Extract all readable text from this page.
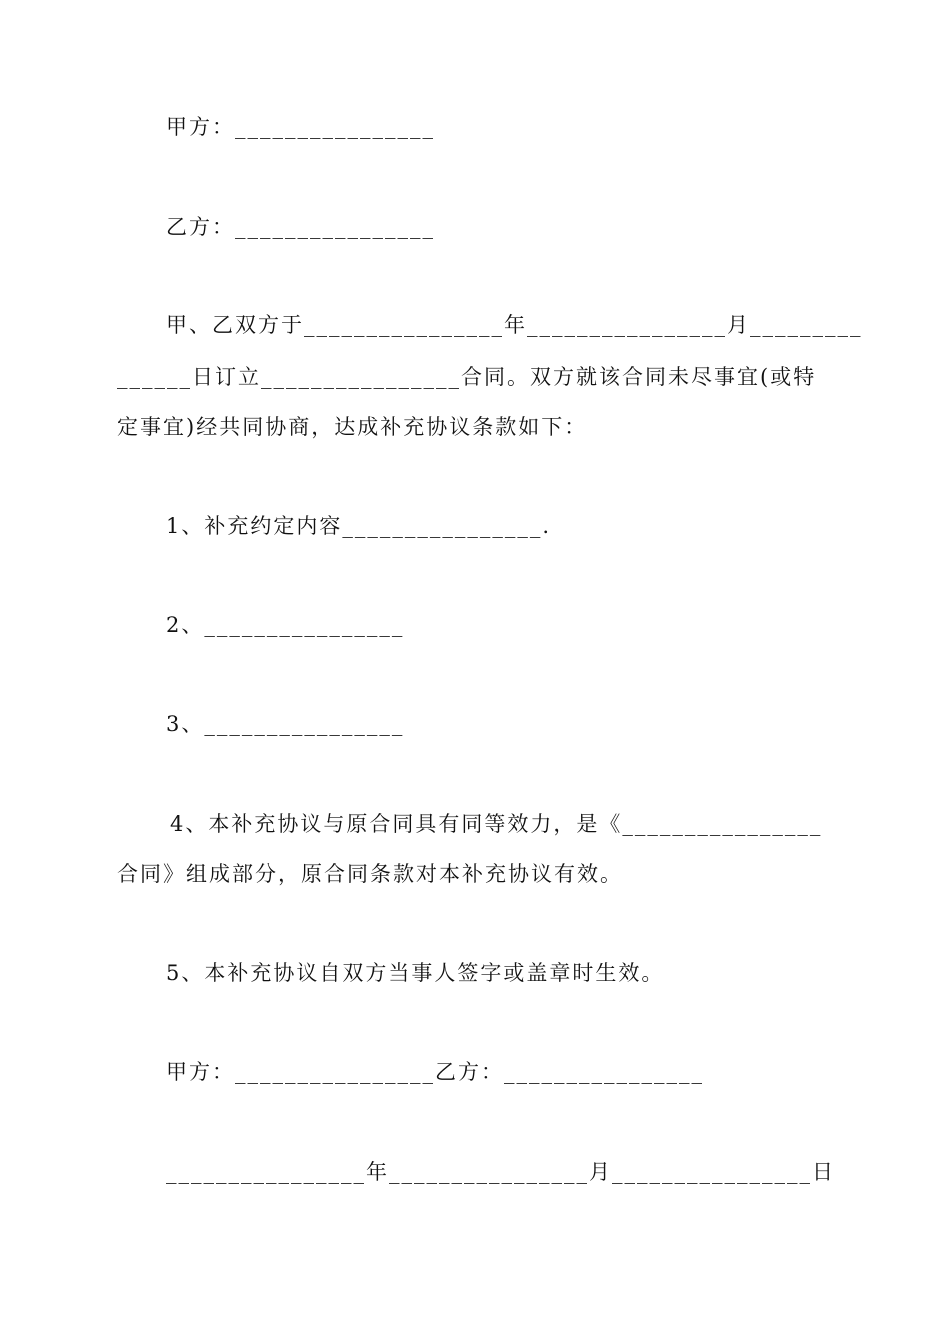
甲方：________________
乙方：________________
甲、乙双方于________________年________________月_________
______日订立________________合同。双方就该合同未尽事宜(或特
定事宜)经共同协商，达成补充协议条款如下：
1、补充约定内容________________.
2、________________
3、________________
4、本补充协议与原合同具有同等效力，是《________________
合同》组成部分，原合同条款对本补充协议有效。
5、本补充协议自双方当事人签字或盖章时生效。
甲方：________________乙方：________________
________________年________________月________________日
